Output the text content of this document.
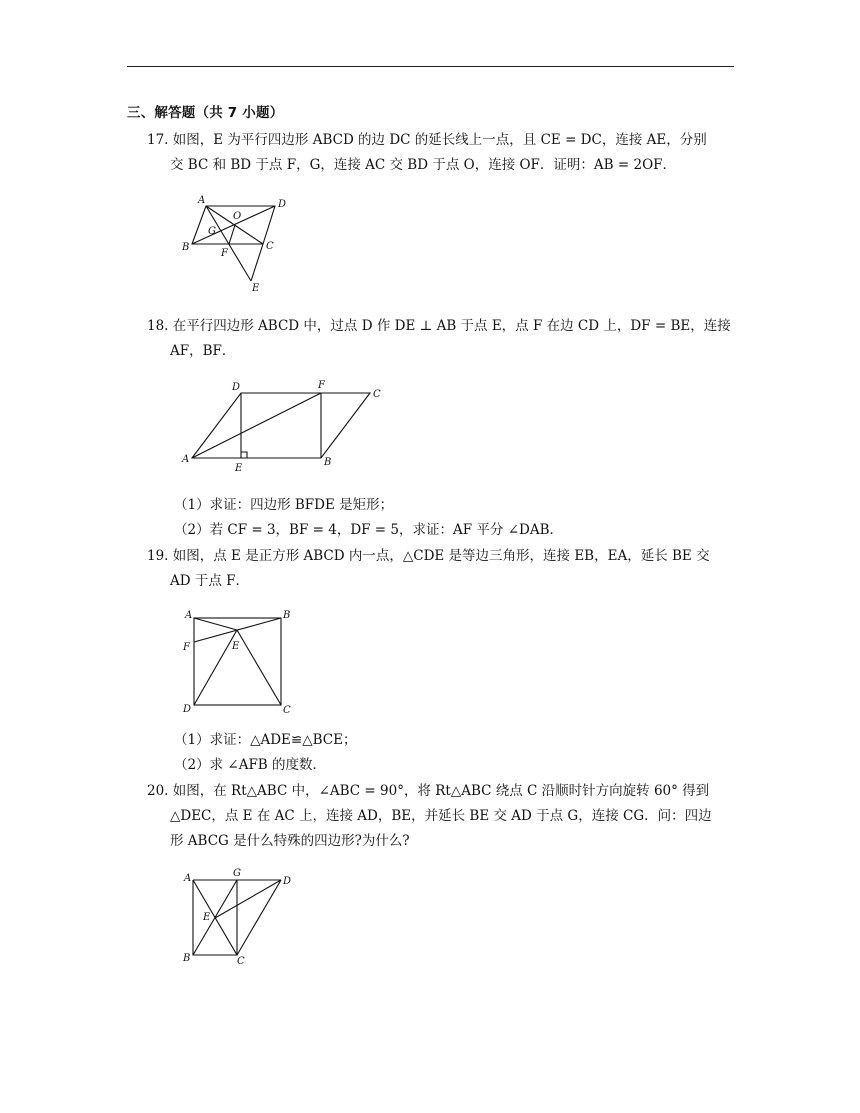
三、解答题（共 7 小题）
17. 如图，E 为平行四边形 ABCD 的边 DC 的延长线上一点，且 CE = DC，连接 AE，分别
交 BC 和 BD 于点 F，G，连接 AC 交 BD 于点 O，连接 OF．证明：AB = 2OF．
A	D
O
G
B	C
F
E
18. 在平行四边形 ABCD 中，过点 D 作 DE ⊥ AB 于点 E，点 F 在边 CD 上，DF = BE，连接
AF，BF．
D	F
C
A
E
B
（1）求证：四边形 BFDE 是矩形；
（2）若 CF = 3，BF = 4，DF = 5，求证：AF 平分 ∠DAB．
19. 如图，点 E 是正方形 ABCD 内一点，△CDE 是等边三角形，连接 EB，EA，延长 BE 交
AD 于点 F．
A	B
F	E
D	C
（1）求证：△ADE≌△BCE；
（2）求 ∠AFB 的度数．
20. 如图，在 Rt△ABC 中，∠ABC = 90°，将 Rt△ABC 绕点 C 沿顺时针方向旋转 60° 得到
△DEC，点 E 在 AC 上，连接 AD，BE，并延长 BE 交 AD 于点 G，连接 CG．问：四边
形 ABCG 是什么特殊的四边形?为什么?
A	G
D
E
B	C
